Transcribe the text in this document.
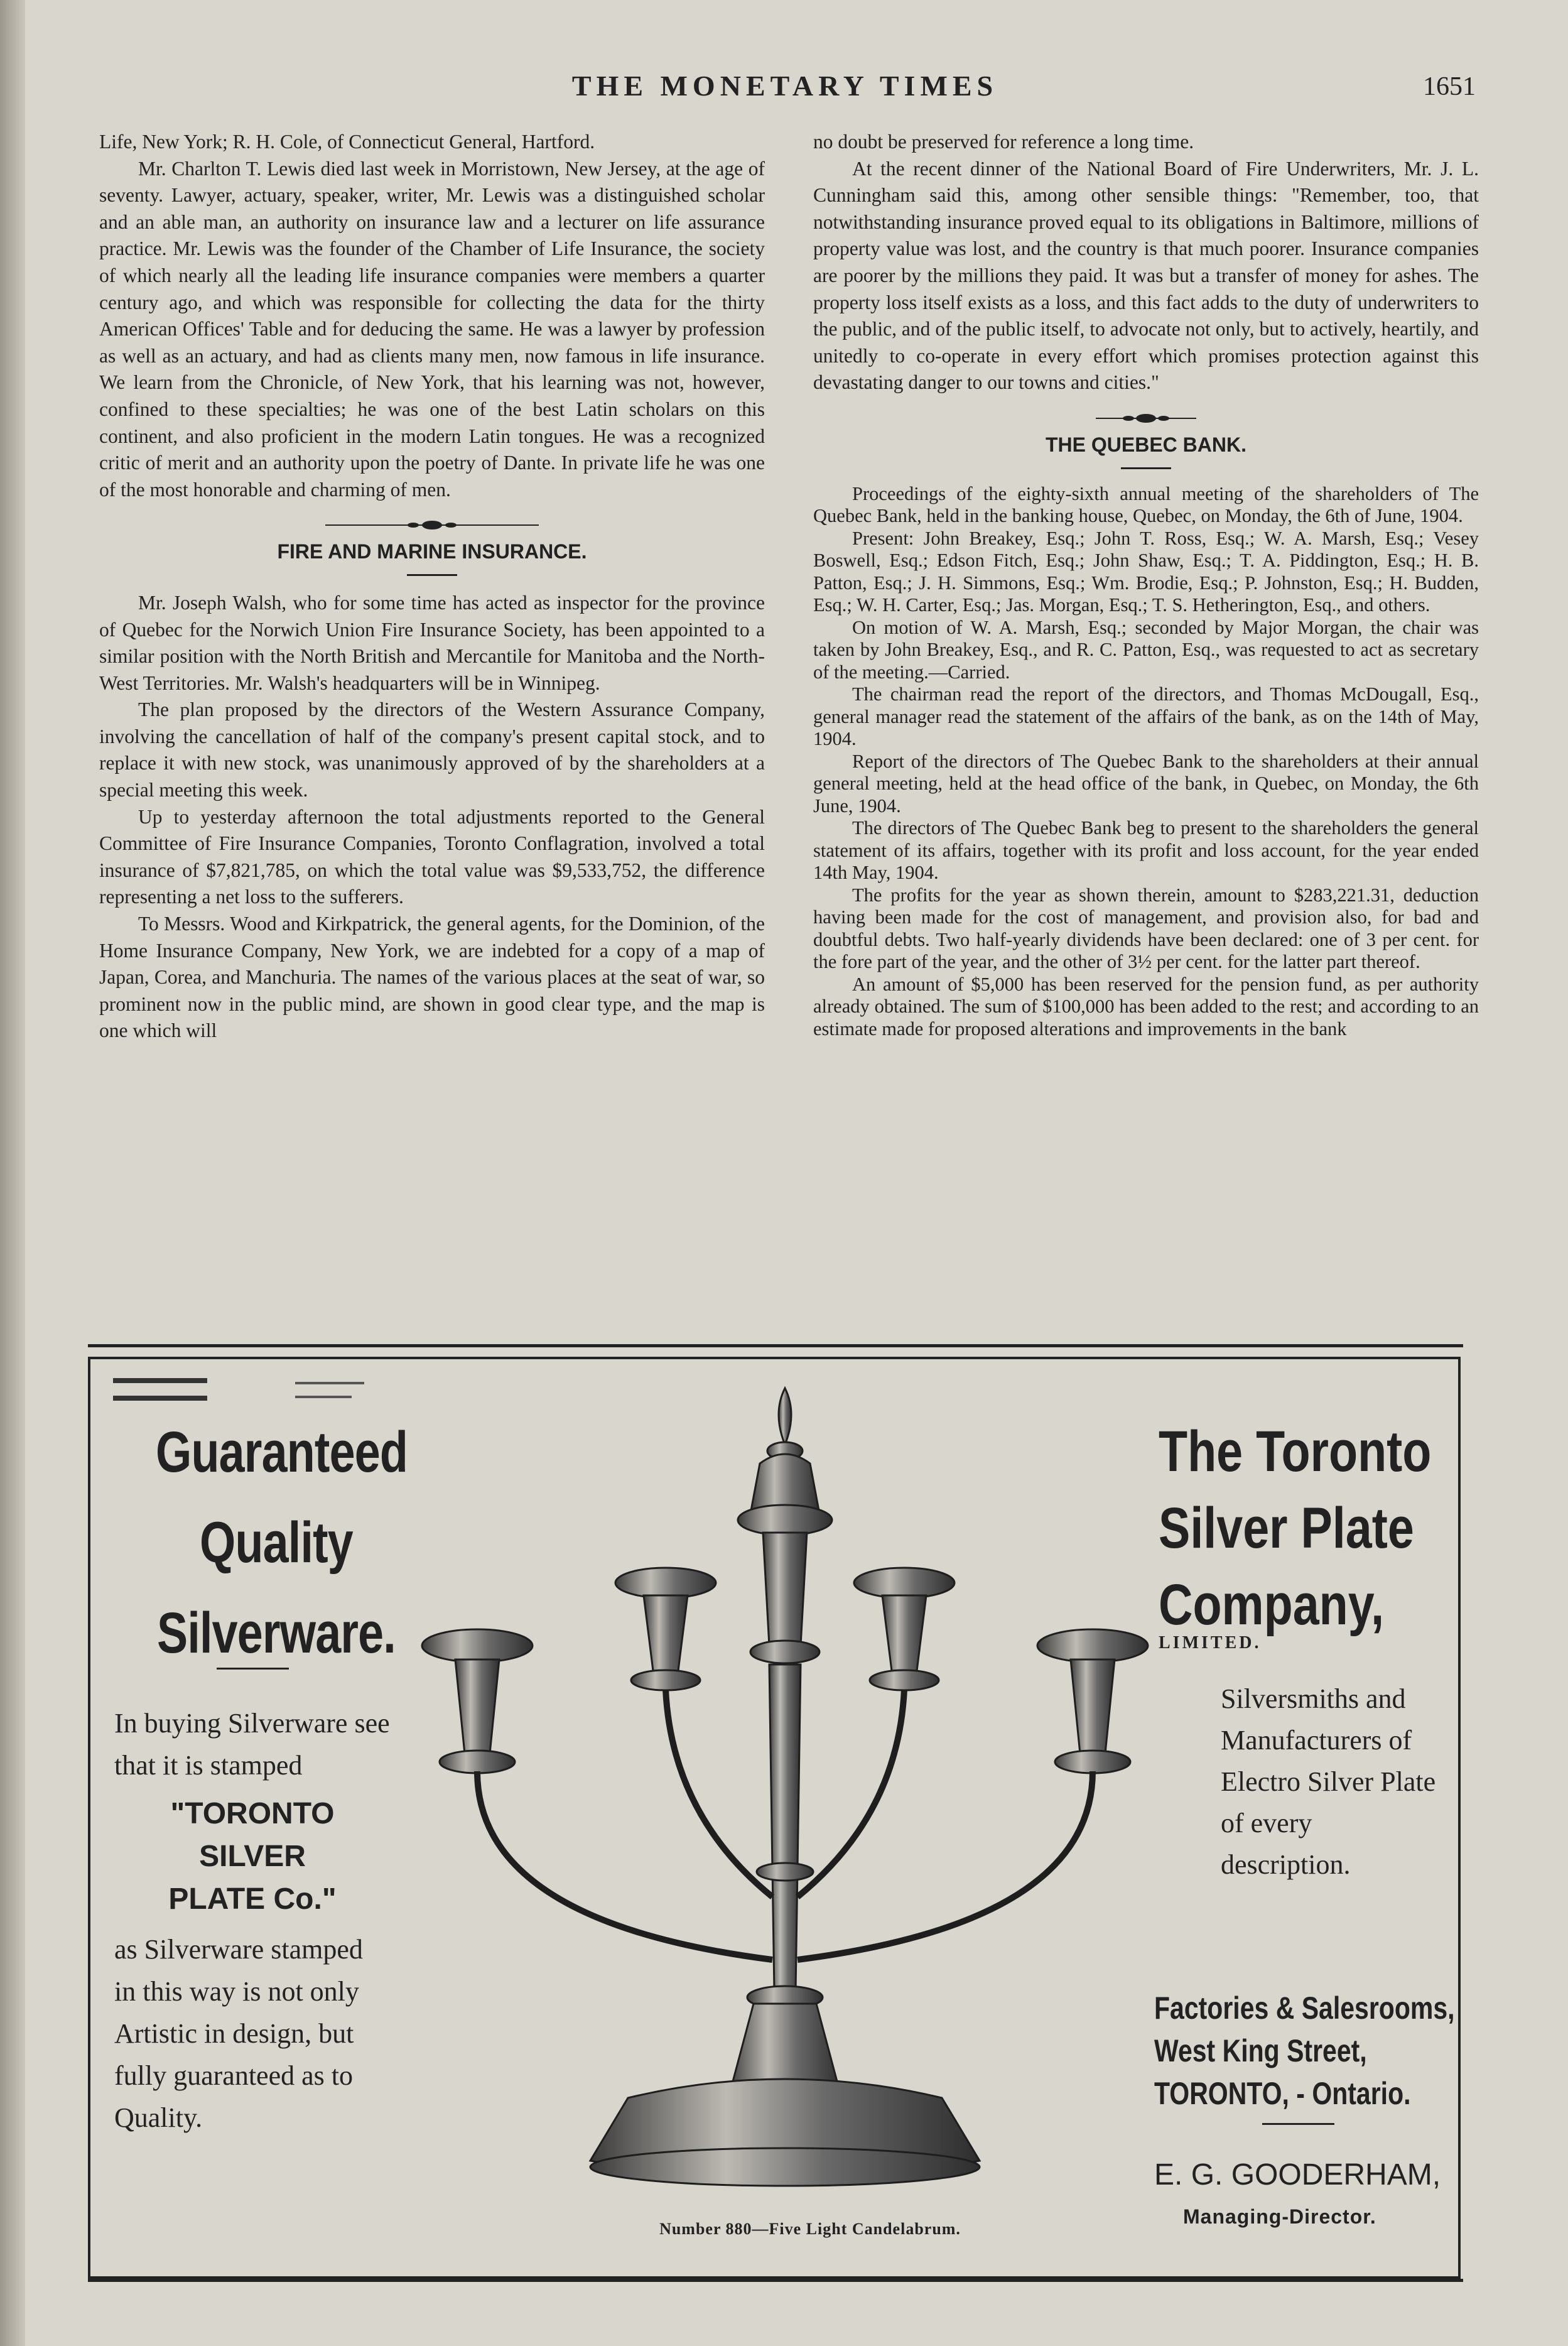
THE MONETARY TIMES	1651

Life, New York; R. H. Cole, of Connecticut General, Hartford.

Mr. Charlton T. Lewis died last week in Morristown, New Jersey, at the age of seventy. Lawyer, actuary, speaker, writer, Mr. Lewis was a distinguished scholar and an able man, an authority on insurance law and a lecturer on life assurance practice. Mr. Lewis was the founder of the Chamber of Life Insurance, the society of which nearly all the leading life insurance companies were members a quarter century ago, and which was responsible for collecting the data for the thirty American Offices' Table and for deducing the same. He was a lawyer by profession as well as an actuary, and had as clients many men, now famous in life insurance. We learn from the Chronicle, of New York, that his learning was not, however, confined to these specialties; he was one of the best Latin scholars on this continent, and also proficient in the modern Latin tongues. He was a recognized critic of merit and an authority upon the poetry of Dante. In private life he was one of the most honorable and charming of men.

FIRE AND MARINE INSURANCE.

Mr. Joseph Walsh, who for some time has acted as inspector for the province of Quebec for the Norwich Union Fire Insurance Society, has been appointed to a similar position with the North British and Mercantile for Manitoba and the North-West Territories. Mr. Walsh's headquarters will be in Winnipeg.

The plan proposed by the directors of the Western Assurance Company, involving the cancellation of half of the company's present capital stock, and to replace it with new stock, was unanimously approved of by the shareholders at a special meeting this week.

Up to yesterday afternoon the total adjustments reported to the General Committee of Fire Insurance Companies, Toronto Conflagration, involved a total insurance of $7,821,785, on which the total value was $9,533,752, the difference representing a net loss to the sufferers.

To Messrs. Wood and Kirkpatrick, the general agents, for the Dominion, of the Home Insurance Company, New York, we are indebted for a copy of a map of Japan, Corea, and Manchuria. The names of the various places at the seat of war, so prominent now in the public mind, are shown in good clear type, and the map is one which will

no doubt be preserved for reference a long time.

At the recent dinner of the National Board of Fire Underwriters, Mr. J. L. Cunningham said this, among other sensible things: "Remember, too, that notwithstanding insurance proved equal to its obligations in Baltimore, millions of property value was lost, and the country is that much poorer. Insurance companies are poorer by the millions they paid. It was but a transfer of money for ashes. The property loss itself exists as a loss, and this fact adds to the duty of underwriters to the public, and of the public itself, to advocate not only, but to actively, heartily, and unitedly to co-operate in every effort which promises protection against this devastating danger to our towns and cities."

THE QUEBEC BANK.

Proceedings of the eighty-sixth annual meeting of the shareholders of The Quebec Bank, held in the banking house, Quebec, on Monday, the 6th of June, 1904.

Present: John Breakey, Esq.; John T. Ross, Esq.; W. A. Marsh, Esq.; Vesey Boswell, Esq.; Edson Fitch, Esq.; John Shaw, Esq.; T. A. Piddington, Esq.; H. B. Patton, Esq.; J. H. Simmons, Esq.; Wm. Brodie, Esq.; P. Johnston, Esq.; H. Budden, Esq.; W. H. Carter, Esq.; Jas. Morgan, Esq.; T. S. Hetherington, Esq., and others.

On motion of W. A. Marsh, Esq.; seconded by Major Morgan, the chair was taken by John Breakey, Esq., and R. C. Patton, Esq., was requested to act as secretary of the meeting.—Carried.

The chairman read the report of the directors, and Thomas McDougall, Esq., general manager read the statement of the affairs of the bank, as on the 14th of May, 1904.

Report of the directors of The Quebec Bank to the shareholders at their annual general meeting, held at the head office of the bank, in Quebec, on Monday, the 6th June, 1904.

The directors of The Quebec Bank beg to present to the shareholders the general statement of its affairs, together with its profit and loss account, for the year ended 14th May, 1904.

The profits for the year as shown therein, amount to $283,221.31, deduction having been made for the cost of management, and provision also, for bad and doubtful debts. Two half-yearly dividends have been declared: one of 3 per cent. for the fore part of the year, and the other of 3½ per cent. for the latter part thereof.

An amount of $5,000 has been reserved for the pension fund, as per authority already obtained. The sum of $100,000 has been added to the rest; and according to an estimate made for proposed alterations and improvements in the bank

Guaranteed
Quality
Silverware.
In buying Silverware see that it is stamped
"TORONTO SILVER
PLATE Co."
as Silverware stamped in this way is not only Artistic in design, but fully guaranteed as to Quality.
Number 880—Five Light Candelabrum.
The Toronto
Silver Plate
Company,
LIMITED.
Silversmiths and Manufacturers of Electro Silver Plate of every description.
Factories & Salesrooms,
West King Street,
TORONTO, - Ontario.
E. G. GOODERHAM,
Managing-Director.
